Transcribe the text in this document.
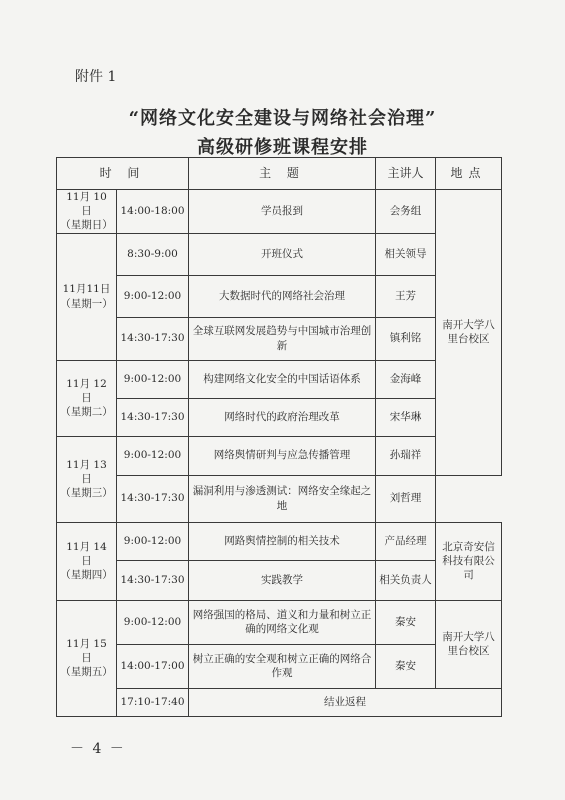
附件 1
“网络文化安全建设与网络社会治理”
高级研修班课程安排
时 间		主 题	主讲人	地点

11月 10 日
（星期日）	14:00-18:00	学员报到	会务组	南开大学八里台校区

11月11日
（星期一）	8:30-9:00	开班仪式	相关领导	
	9:00-12:00	大数据时代的网络社会治理	王芳	
	14:30-17:30	全球互联网发展趋势与中国城市治理创新	镇利铭	

11月 12 日
（星期二）	9:00-12:00	构建网络文化安全的中国话语体系	金海峰	
	14:30-17:30	网络时代的政府治理改革	宋华琳	

11月 13 日
（星期三）	9:00-12:00	网络舆情研判与应急传播管理	孙瑞祥	
	14:30-17:30	漏洞利用与渗透测试：网络安全缘起之地	刘哲理	

11月 14 日
（星期四）	9:00-12:00	网路舆情控制的相关技术	产品经理	北京奇安信科技有限公司
	14:30-17:30	实践教学	相关负责人	

11月 15 日
（星期五）	9:00-12:00	网络强国的格局、道义和力量和树立正确的网络文化观	秦安	南开大学八里台校区
	14:00-17:00	树立正确的安全观和树立正确的网络合作观	秦安	
	17:10-17:40	结业返程		
－ 4 －
